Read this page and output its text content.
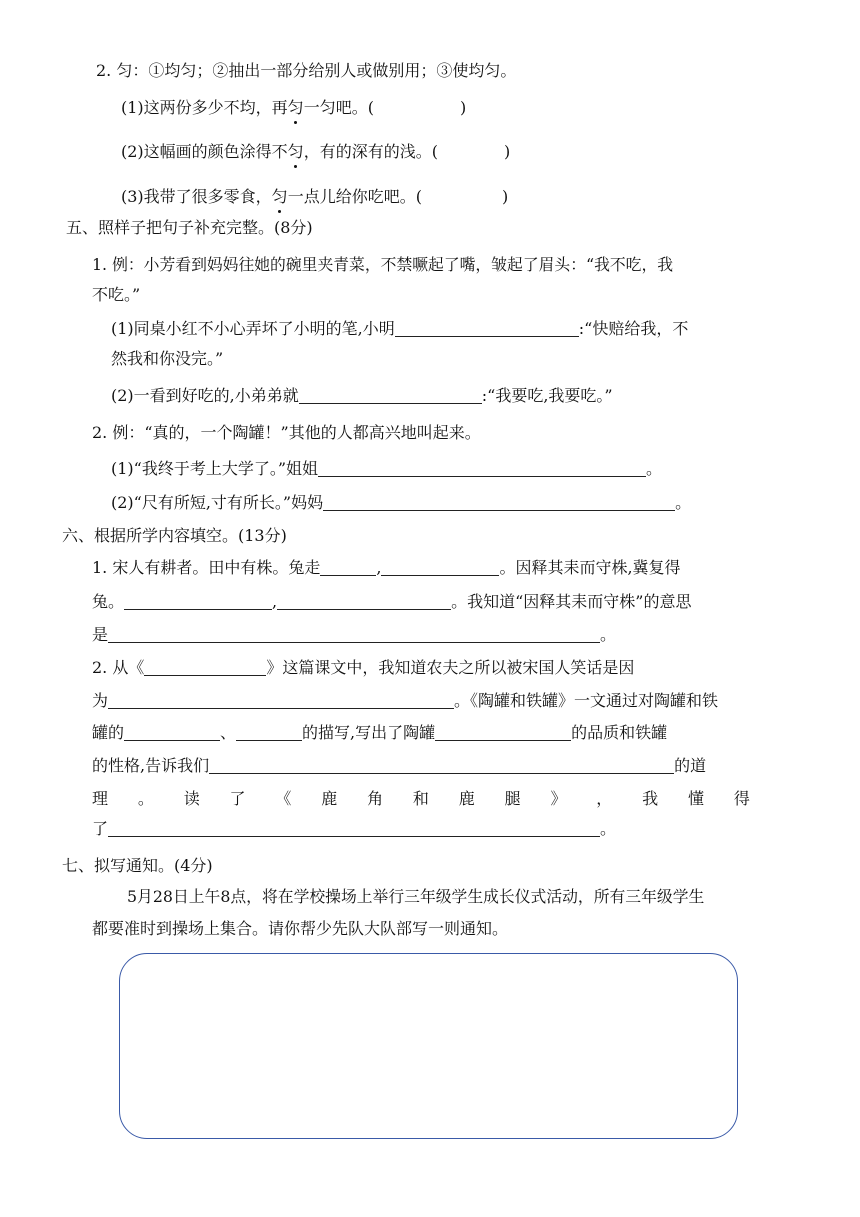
2. 匀：①均匀；②抽出一部分给别人或做别用；③使均匀。
(1)这两份多少不均，再匀一匀吧。(	)
(2)这幅画的颜色涂得不匀，有的深有的浅。(	)
(3)我带了很多零食，匀一点儿给你吃吧。(	)
五、照样子把句子补充完整。(8分)
1. 例：小芳看到妈妈往她的碗里夹青菜，不禁噘起了嘴，皱起了眉头：“我不吃，我
不吃。”
(1)同桌小红不小心弄坏了小明的笔,小明	:“快赔给我，不
然我和你没完。”
(2)一看到好吃的,小弟弟就	:“我要吃,我要吃。”
2. 例：“真的，一个陶罐！”其他的人都高兴地叫起来。
(1)“我终于考上大学了。”姐姐	。
(2)“尺有所短,寸有所长。”妈妈	。
六、根据所学内容填空。(13分)
1. 宋人有耕者。田中有株。兔走	,	。因释其耒而守株,冀复得
兔。	,	。我知道“因释其耒而守株”的意思
是	。
2. 从《	》这篇课文中，我知道农夫之所以被宋国人笑话是因
为	。《陶罐和铁罐》一文通过对陶罐和铁
罐的	、	的描写,写出了陶罐	的品质和铁罐
的性格,告诉我们	的道
理 。 读 了 《 鹿 角 和 鹿 腿 》 ， 我 懂 得
了	。
七、拟写通知。(4分)
5月28日上午8点，将在学校操场上举行三年级学生成长仪式活动，所有三年级学生
都要准时到操场上集合。请你帮少先队大队部写一则通知。
